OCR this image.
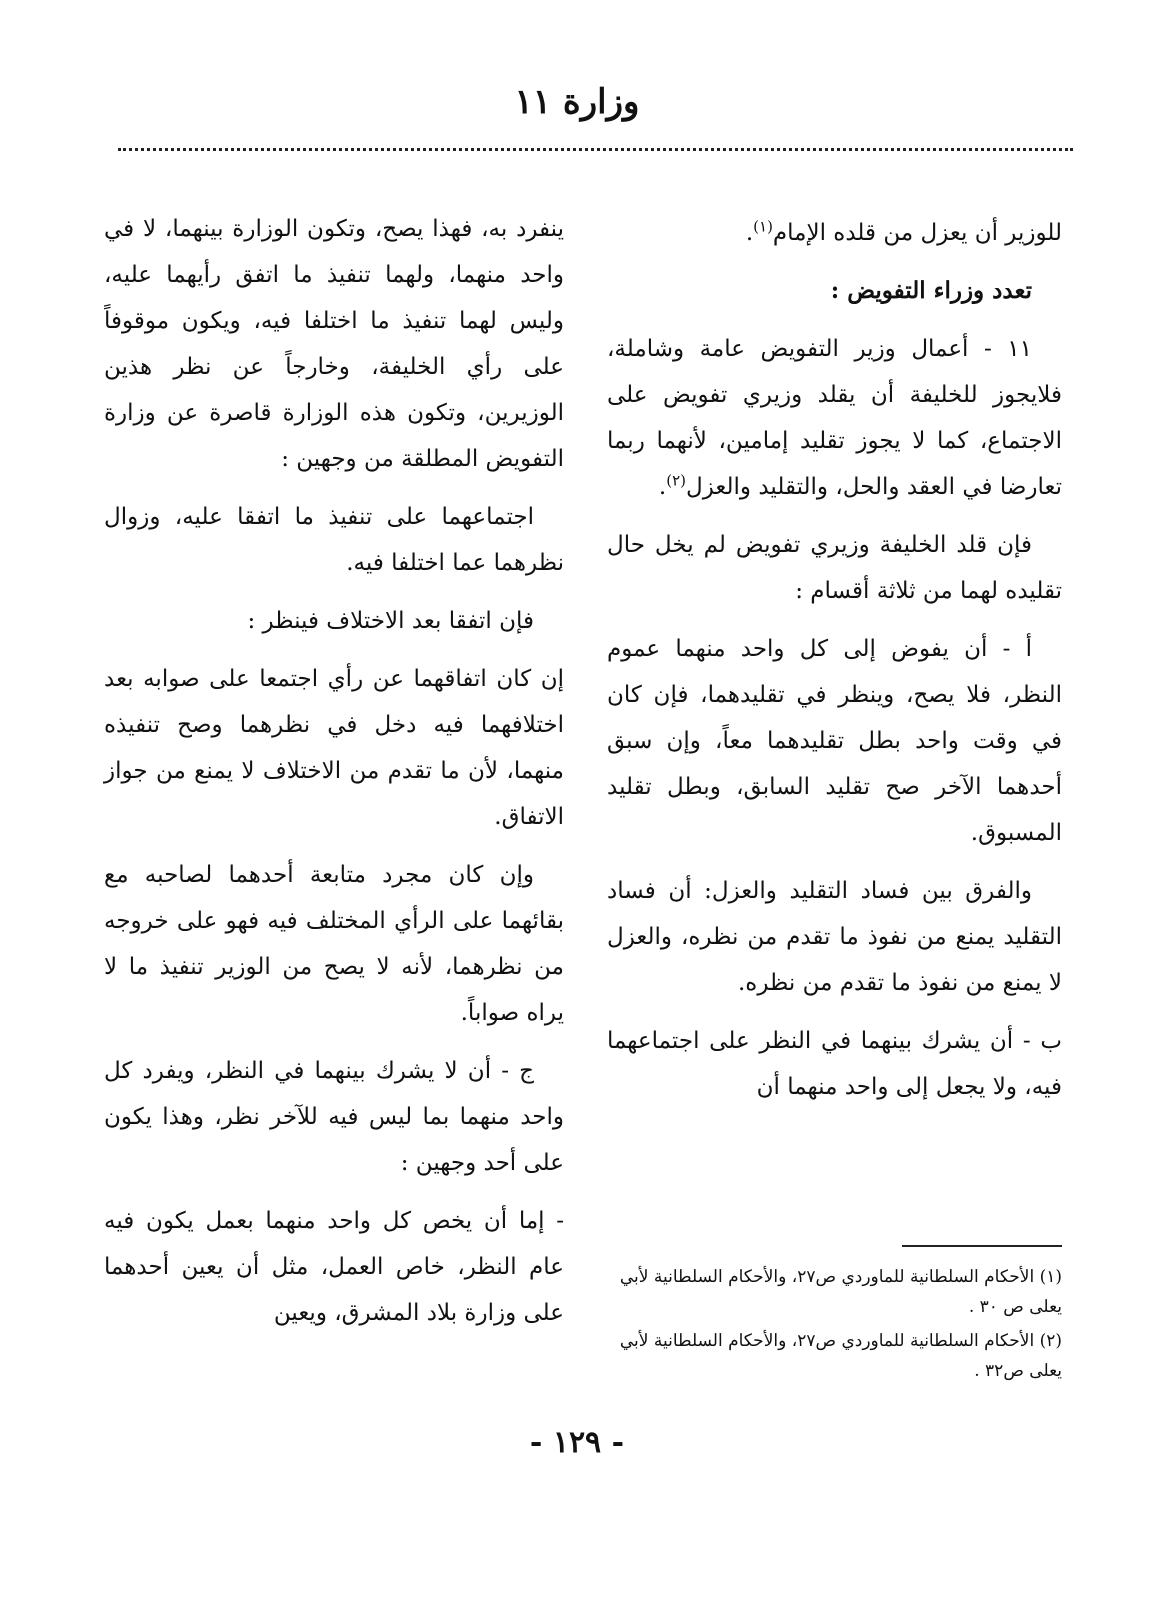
وزارة ١١

للوزير أن يعزل من قلده الإمام$^{(١)}$.

تعدد وزراء التفويض :

١١ - أعمال وزير التفويض عامة وشاملة، فلايجوز للخليفة أن يقلد وزيري تفويض على الاجتماع، كما لا يجوز تقليد إمامين، لأنهما ربما تعارضا في العقد والحل، والتقليد والعزل$^{(٢)}$.

فإن قلد الخليفة وزيري تفويض لم يخل حال تقليده لهما من ثلاثة أقسام :

أ - أن يفوض إلى كل واحد منهما عموم النظر، فلا يصح، وينظر في تقليدهما، فإن كان في وقت واحد بطل تقليدهما معاً، وإن سبق أحدهما الآخر صح تقليد السابق، وبطل تقليد المسبوق.

والفرق بين فساد التقليد والعزل: أن فساد التقليد يمنع من نفوذ ما تقدم من نظره، والعزل لا يمنع من نفوذ ما تقدم من نظره.

ب - أن يشرك بينهما في النظر على اجتماعهما فيه، ولا يجعل إلى واحد منهما أن

ينفرد به، فهذا يصح، وتكون الوزارة بينهما، لا في واحد منهما، ولهما تنفيذ ما اتفق رأيهما عليه، وليس لهما تنفيذ ما اختلفا فيه، ويكون موقوفاً على رأي الخليفة، وخارجاً عن نظر هذين الوزيرين، وتكون هذه الوزارة قاصرة عن وزارة التفويض المطلقة من وجهين :

اجتماعهما على تنفيذ ما اتفقا عليه، وزوال نظرهما عما اختلفا فيه.

فإن اتفقا بعد الاختلاف فينظر :

إن كان اتفاقهما عن رأي اجتمعا على صوابه بعد اختلافهما فيه دخل في نظرهما وصح تنفيذه منهما، لأن ما تقدم من الاختلاف لا يمنع من جواز الاتفاق.

وإن كان مجرد متابعة أحدهما لصاحبه مع بقائهما على الرأي المختلف فيه فهو على خروجه من نظرهما، لأنه لا يصح من الوزير تنفيذ ما لا يراه صواباً.

ج - أن لا يشرك بينهما في النظر، ويفرد كل واحد منهما بما ليس فيه للآخر نظر، وهذا يكون على أحد وجهين :

- إما أن يخص كل واحد منهما بعمل يكون فيه عام النظر، خاص العمل، مثل أن يعين أحدهما على وزارة بلاد المشرق، ويعين

(١) الأحكام السلطانية للماوردي ص٢٧، والأحكام السلطانية لأبي يعلى ص ٣٠ .

(٢) الأحكام السلطانية للماوردي ص٢٧، والأحكام السلطانية لأبي يعلى ص٣٢ .

- ١٢٩ -
